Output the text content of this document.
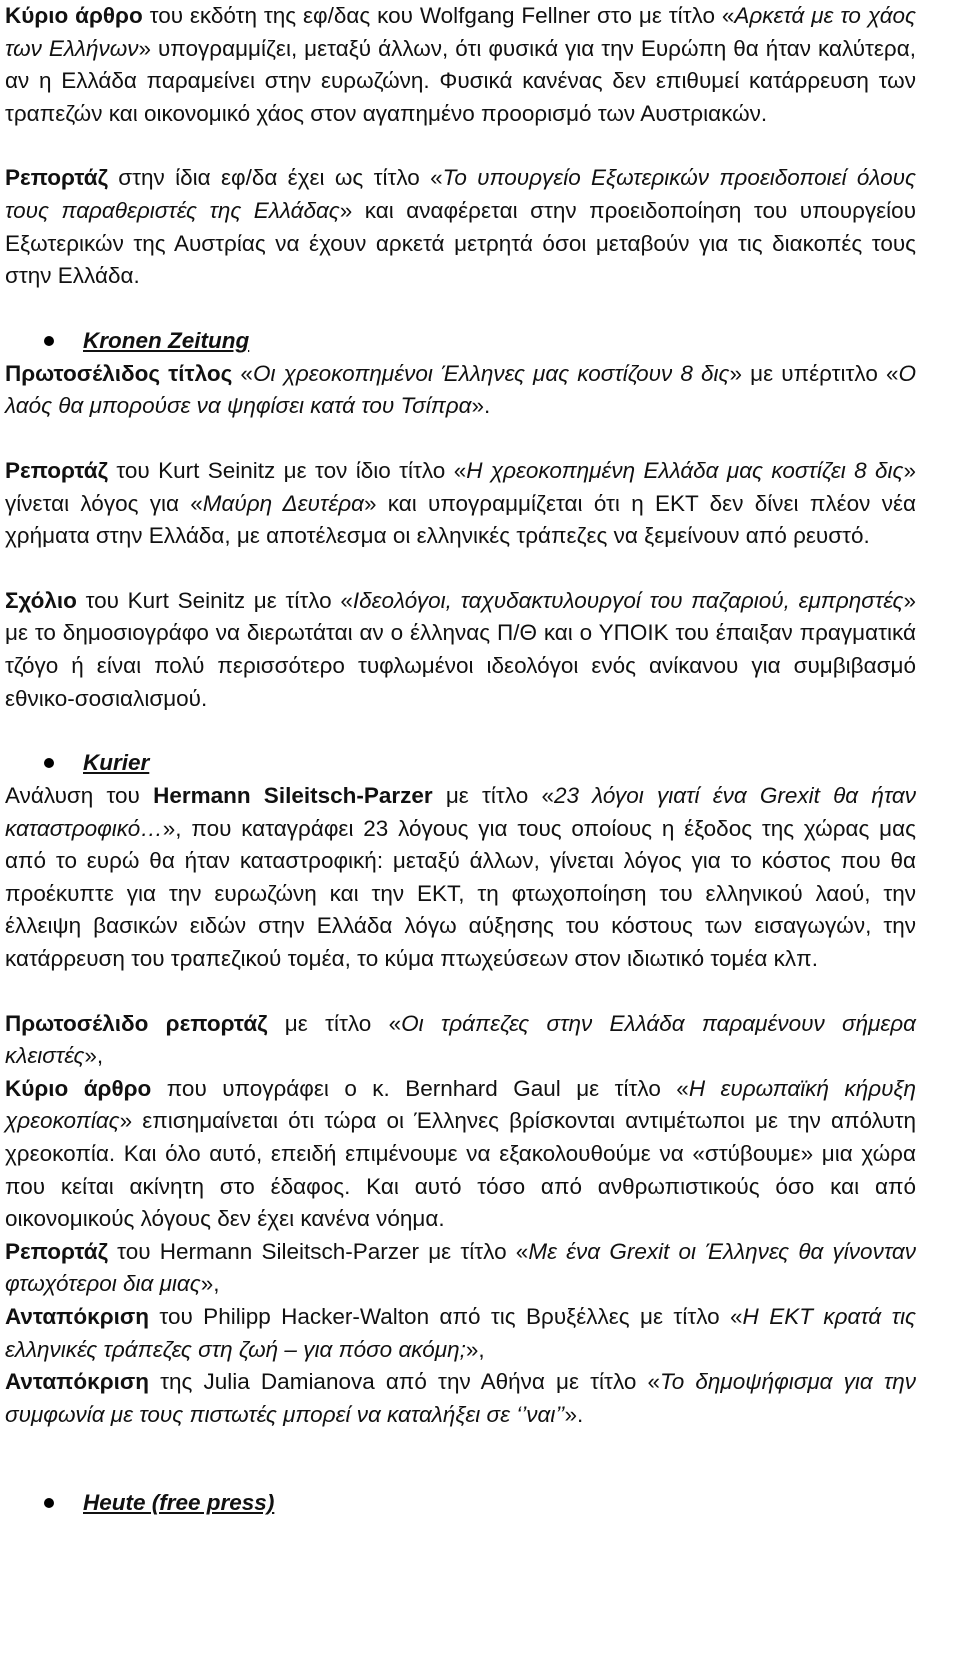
Κύριο άρθρο του εκδότη της εφ/δας κου Wolfgang Fellner στο με τίτλο «Αρκετά με το χάος των Ελλήνων» υπογραμμίζει, μεταξύ άλλων, ότι φυσικά για την Ευρώπη θα ήταν καλύτερα, αν η Ελλάδα παραμείνει στην ευρωζώνη. Φυσικά κανένας δεν επιθυμεί κατάρρευση των τραπεζών και οικονομικό χάος στον αγαπημένο προορισμό των Αυστριακών.

Ρεπορτάζ στην ίδια εφ/δα έχει ως τίτλο «Το υπουργείο Εξωτερικών προειδοποιεί όλους τους παραθεριστές της Ελλάδας» και αναφέρεται στην προειδοποίηση του υπουργείου Εξωτερικών της Αυστρίας να έχουν αρκετά μετρητά όσοι μεταβούν για τις διακοπές τους στην Ελλάδα.

Kronen Zeitung

Πρωτοσέλιδος τίτλος «Οι χρεοκοπημένοι Έλληνες μας κοστίζουν 8 δις» με υπέρτιτλο «Ο λαός θα μπορούσε να ψηφίσει κατά του Τσίπρα».

Ρεπορτάζ του Kurt Seinitz με τον ίδιο τίτλο «Η χρεοκοπημένη Ελλάδα μας κοστίζει 8 δις» γίνεται λόγος για «Μαύρη Δευτέρα» και υπογραμμίζεται ότι η ΕΚΤ δεν δίνει πλέον νέα χρήματα στην Ελλάδα, με αποτέλεσμα οι ελληνικές τράπεζες να ξεμείνουν από ρευστό.

Σχόλιο του Kurt Seinitz με τίτλο «Ιδεολόγοι, ταχυδακτυλουργοί του παζαριού, εμπρηστές» με το δημοσιογράφο να διερωτάται αν ο έλληνας Π/Θ και ο ΥΠΟΙΚ του έπαιξαν πραγματικά τζόγο ή είναι πολύ περισσότερο τυφλωμένοι ιδεολόγοι ενός ανίκανου για συμβιβασμό εθνικο-σοσιαλισμού.

Kurier

Ανάλυση του Hermann Sileitsch-Parzer με τίτλο «23 λόγοι γιατί ένα Grexit θα ήταν καταστροφικό…», που καταγράφει 23 λόγους για τους οποίους η έξοδος της χώρας μας από το ευρώ θα ήταν καταστροφική: μεταξύ άλλων, γίνεται λόγος για το κόστος που θα προέκυπτε για την ευρωζώνη και την ΕΚΤ, τη φτωχοποίηση του ελληνικού λαού, την έλλειψη βασικών ειδών στην Ελλάδα λόγω αύξησης του κόστους των εισαγωγών, την κατάρρευση του τραπεζικού τομέα, το κύμα πτωχεύσεων στον ιδιωτικό τομέα κλπ.

Πρωτοσέλιδο ρεπορτάζ με τίτλο «Οι τράπεζες στην Ελλάδα παραμένουν σήμερα κλειστές»,

Κύριο άρθρο που υπογράφει ο κ. Bernhard Gaul με τίτλο «Η ευρωπαϊκή κήρυξη χρεοκοπίας» επισημαίνεται ότι τώρα οι Έλληνες βρίσκονται αντιμέτωποι με την απόλυτη χρεοκοπία. Και όλο αυτό, επειδή επιμένουμε να εξακολουθούμε να «στύβουμε» μια χώρα που κείται ακίνητη στο έδαφος. Και αυτό τόσο από ανθρωπιστικούς όσο και από οικονομικούς λόγους δεν έχει κανένα νόημα.

Ρεπορτάζ του Hermann Sileitsch-Parzer με τίτλο «Με ένα Grexit οι Έλληνες θα γίνονταν φτωχότεροι δια μιας»,

Ανταπόκριση του Philipp Hacker-Walton από τις Βρυξέλλες με τίτλο «Η ΕΚΤ κρατά τις ελληνικές τράπεζες στη ζωή – για πόσο ακόμη;»,

Ανταπόκριση της Julia Damianova από την Αθήνα με τίτλο «Το δημοψήφισμα για την συμφωνία με τους πιστωτές μπορεί να καταλήξει σε ‘’ναι’’».

Heute (free press)
